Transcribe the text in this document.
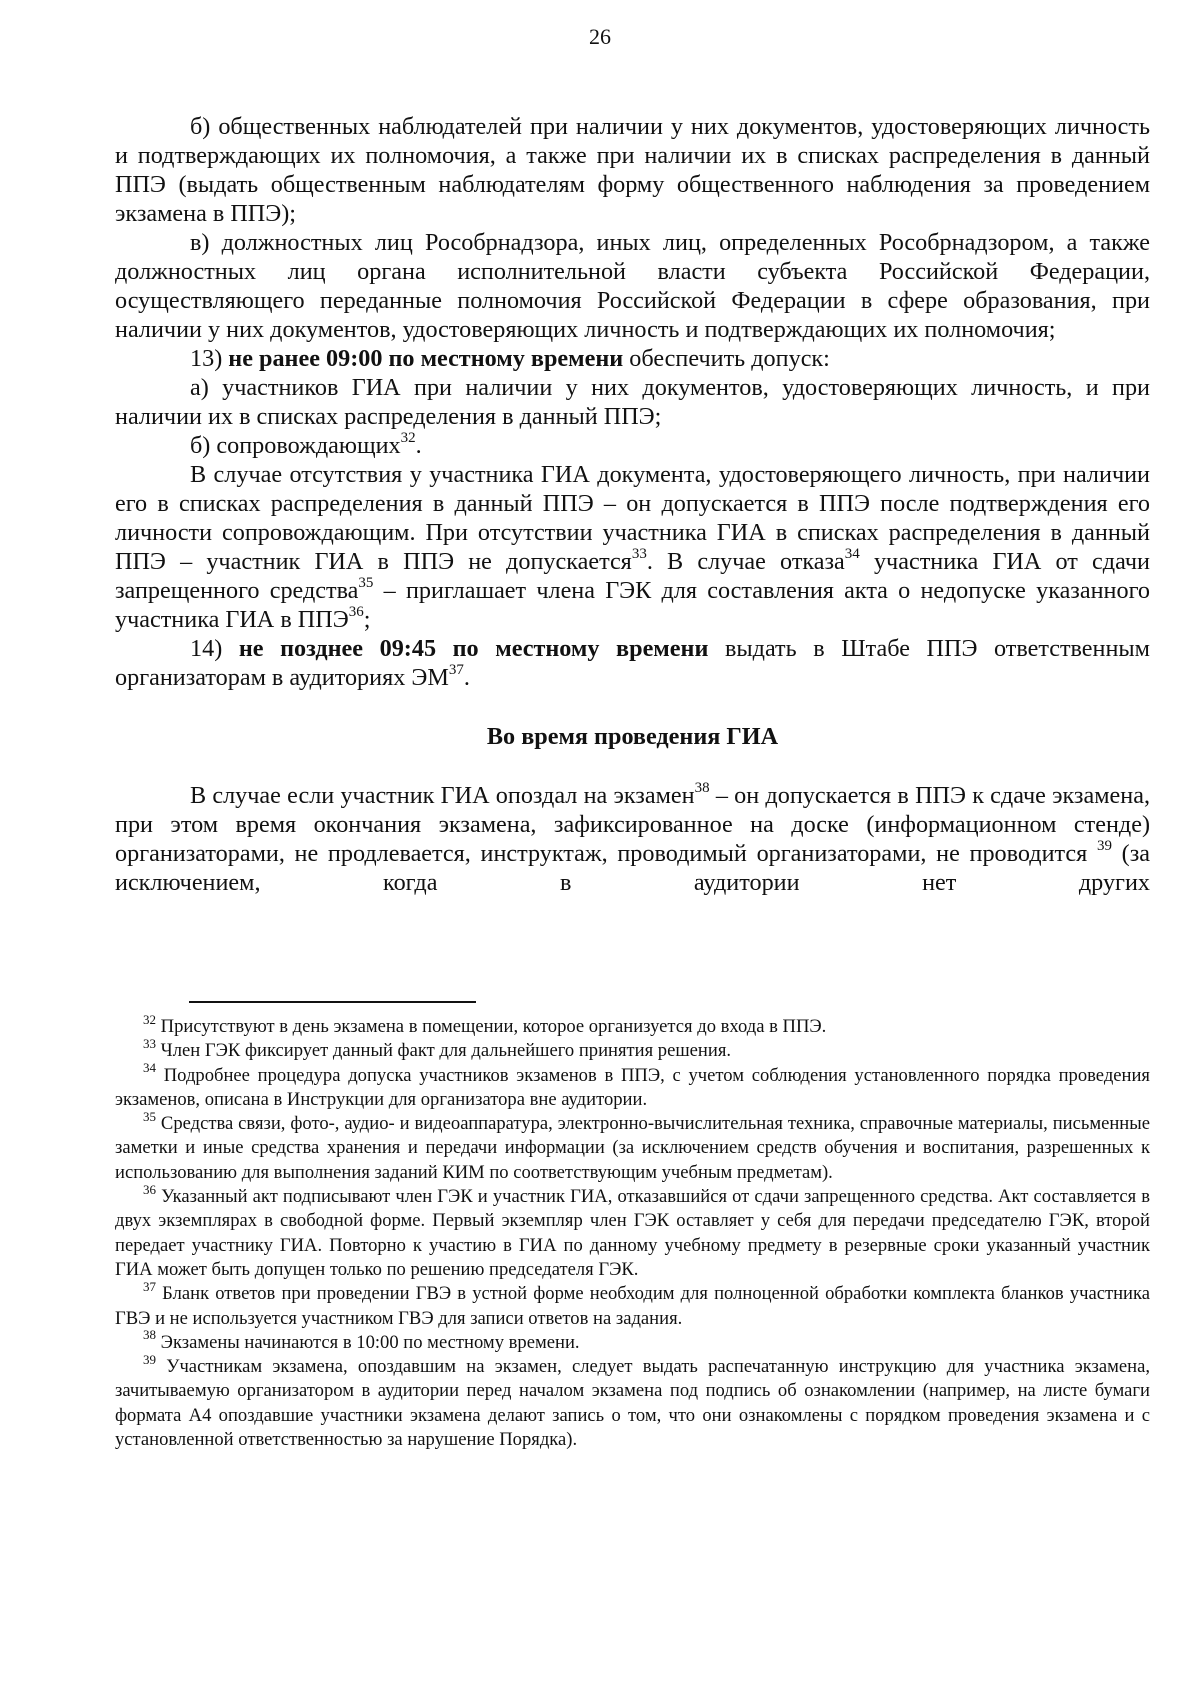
26

б) общественных наблюдателей при наличии у них документов, удостоверяющих личность и подтверждающих их полномочия, а также при наличии их в списках распределения в данный ППЭ (выдать общественным наблюдателям форму общественного наблюдения за проведением экзамена в ППЭ);

в) должностных лиц Рособрнадзора, иных лиц, определенных Рособрнадзором, а также должностных лиц органа исполнительной власти субъекта Российской Федерации, осуществляющего переданные полномочия Российской Федерации в сфере образования, при наличии у них документов, удостоверяющих личность и подтверждающих их полномочия;

13) не ранее 09:00 по местному времени обеспечить допуск:

а) участников ГИА при наличии у них документов, удостоверяющих личность, и при наличии их в списках распределения в данный ППЭ;

б) сопровождающих$^{32}$.

В случае отсутствия у участника ГИА документа, удостоверяющего личность, при наличии его в списках распределения в данный ППЭ – он допускается в ППЭ после подтверждения его личности сопровождающим. При отсутствии участника ГИА в списках распределения в данный ППЭ – участник ГИА в ППЭ не допускается$^{33}$. В случае отказа$^{34}$ участника ГИА от сдачи запрещенного средства$^{35}$ – приглашает члена ГЭК для составления акта о недопуске указанного участника ГИА в ППЭ$^{36}$;

14) не позднее 09:45 по местному времени выдать в Штабе ППЭ ответственным организаторам в аудиториях ЭМ$^{37}$.

Во время проведения ГИА

В случае если участник ГИА опоздал на экзамен$^{38}$ – он допускается в ППЭ к сдаче экзамена, при этом время окончания экзамена, зафиксированное на доске (информационном стенде) организаторами, не продлевается, инструктаж, проводимый организаторами, не проводится $^{39}$ (за исключением, когда в аудитории нет других

$^{32}$ Присутствуют в день экзамена в помещении, которое организуется до входа в ППЭ.

$^{33}$ Член ГЭК фиксирует данный факт для дальнейшего принятия решения.

$^{34}$ Подробнее процедура допуска участников экзаменов в ППЭ, с учетом соблюдения установленного порядка проведения экзаменов, описана в Инструкции для организатора вне аудитории.

$^{35}$ Средства связи, фото-, аудио- и видеоаппаратура, электронно-вычислительная техника, справочные материалы, письменные заметки и иные средства хранения и передачи информации (за исключением средств обучения и воспитания, разрешенных к использованию для выполнения заданий КИМ по соответствующим учебным предметам).

$^{36}$ Указанный акт подписывают член ГЭК и участник ГИА, отказавшийся от сдачи запрещенного средства. Акт составляется в двух экземплярах в свободной форме. Первый экземпляр член ГЭК оставляет у себя для передачи председателю ГЭК, второй передает участнику ГИА. Повторно к участию в ГИА по данному учебному предмету в резервные сроки указанный участник ГИА может быть допущен только по решению председателя ГЭК.

$^{37}$ Бланк ответов при проведении ГВЭ в устной форме необходим для полноценной обработки комплекта бланков участника ГВЭ и не используется участником ГВЭ для записи ответов на задания.

$^{38}$ Экзамены начинаются в 10:00 по местному времени.

$^{39}$ Участникам экзамена, опоздавшим на экзамен, следует выдать распечатанную инструкцию для участника экзамена, зачитываемую организатором в аудитории перед началом экзамена под подпись об ознакомлении (например, на листе бумаги формата А4 опоздавшие участники экзамена делают запись о том, что они ознакомлены с порядком проведения экзамена и с установленной ответственностью за нарушение Порядка).
